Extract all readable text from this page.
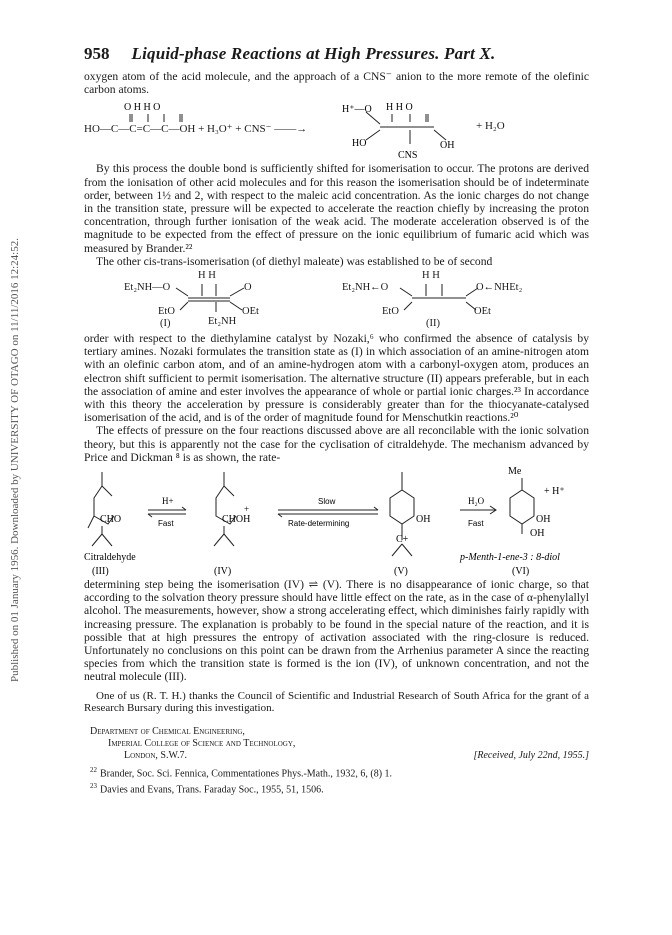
Published on 01 January 1956. Downloaded by UNIVERSITY OF OTAGO on 11/11/2016 12:24:52.
958 Liquid-phase Reactions at High Pressures. Part X.

oxygen atom of the acid molecule, and the approach of a CNS⁻ anion to the more remote of the olefinic carbon atoms.

O H H O	H⁺—O H H O
HO	OH
CNS
HO—C—C=C—C—OH + H₃O⁺ + CNS⁻ ——→	+ H₂O

By this process the double bond is sufficiently shifted for isomerisation to occur. The protons are derived from the ionisation of other acid molecules and for this reason the isomerisation should be of indeterminate order, between 1½ and 2, with respect to the maleic acid concentration. As the ionic charges do not change in the transition state, pressure will be expected to accelerate the reaction chiefly by increasing the proton concentration, through further ionisation of the weak acid. The moderate acceleration observed is of the magnitude to be expected from the effect of pressure on the ionic equilibrium of fumaric acid which was measured by Brander.²²

The other cis-trans-isomerisation (of diethyl maleate) was established to be of second

Et₂NH—O
H H
O
EtO	OEt
Et₂NH
(I)
Et₂NH←O
H H
O←NHEt₂
EtO	OEt
(II)

order with respect to the diethylamine catalyst by Nozaki,⁶ who confirmed the absence of catalysis by tertiary amines. Nozaki formulates the transition state as (I) in which association of an amine-nitrogen atom with an olefinic carbon atom, and of an amine-hydrogen atom with a carbonyl-oxygen atom, produces an electron shift sufficient to permit isomerisation. The alternative structure (II) appears preferable, but in each the association of amine and ester involves the appearance of whole or partial ionic charges.²³ In accordance with this theory the acceleration by pressure is considerably greater than for the thiocyanate-catalysed isomerisation of the acid, and is of the order of magnitude found for Menschutkin reactions.²⁰

The effects of pressure on the four reactions discussed above are all reconcilable with the ionic solvation theory, but this is apparently not the case for the cyclisation of citraldehyde. The mechanism advanced by Price and Dickman ⁸ is as shown, the rate-

Me
H+
Fast
Slow
Rate-determining
H₂O
Fast
CHO	CHOH
+
OH
C+
+ H⁺
OH
OH
Citraldehyde
(III)	(IV)	(V)
p-Menth-1-ene-3 : 8-diol
(VI)

determining step being the isomerisation (IV) ⇌ (V). There is no disappearance of ionic charge, so that according to the solvation theory pressure should have little effect on the rate, as in the case of α-phenylallyl alcohol. The measurements, however, show a strong accelerating effect, which diminishes fairly rapidly with increasing pressure. The explanation is probably to be found in the special nature of the reaction, and it is possible that at high pressures the entropy of activation associated with the ring-closure is reduced. Unfortunately no conclusions on this point can be drawn from the Arrhenius parameter A since the reacting species from which the transition state is formed is the ion (IV), of unknown concentration, and not the neutral molecule (III).

One of us (R. T. H.) thanks the Council of Scientific and Industrial Research of South Africa for the grant of a Research Bursary during this investigation.

Department of Chemical Engineering,
Imperial College of Science and Technology,
London, S.W.7.	[Received, July 22nd, 1955.]
$^{22}$ Brander, Soc. Sci. Fennica, Commentationes Phys.-Math., 1932, 6, (8) 1.
$^{23}$ Davies and Evans, Trans. Faraday Soc., 1955, 51, 1506.
